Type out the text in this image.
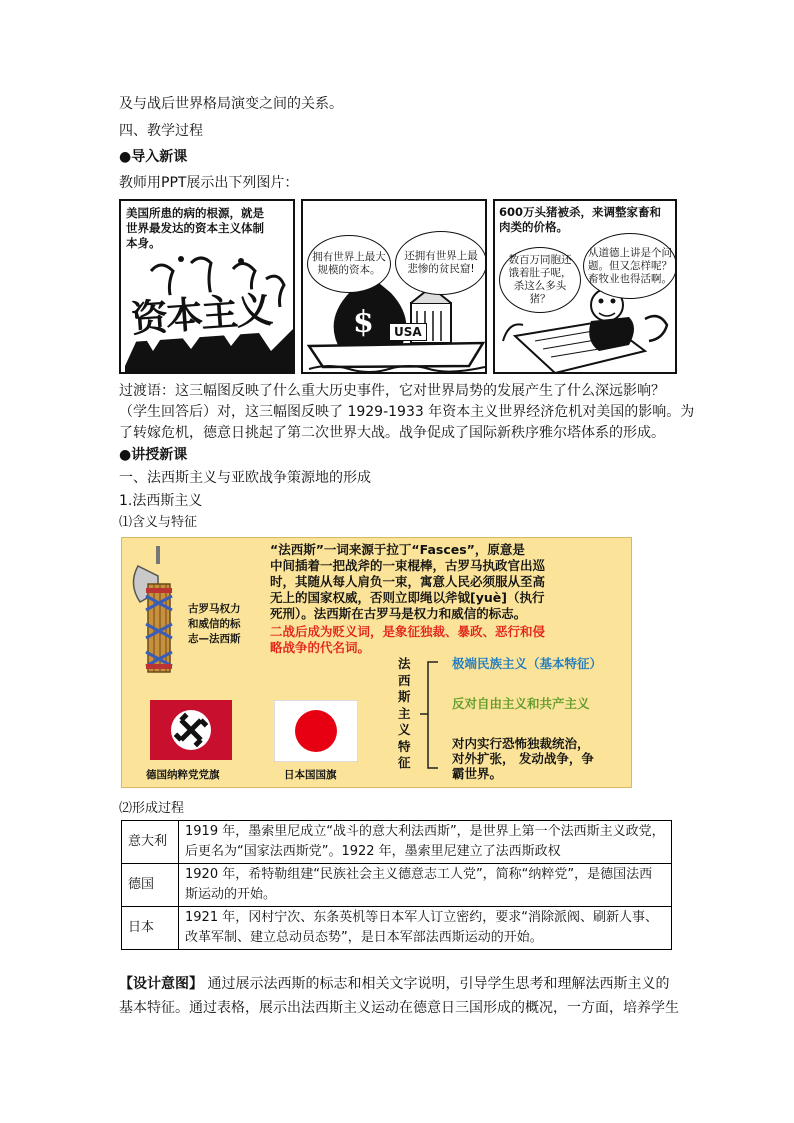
及与战后世界格局演变之间的关系。
四、教学过程
●导入新课
教师用PPT展示出下列图片：
美国所患的病的根源，就是
世界最发达的资本主义体制
本身。
资本主义	$	USA
拥有世界上最大规模的资本。
还拥有世界上最悲惨的贫民窟!
600万头猪被杀，来调整家畜和
肉类的价格。
数百万同胞还饿着肚子呢，杀这么多头猪？
从道德上讲是个问题。但又怎样呢？畜牧业也得活啊。
过渡语：这三幅图反映了什么重大历史事件，它对世界局势的发展产生了什么深远影响？
（学生回答后）对，这三幅图反映了 1929-1933 年资本主义世界经济危机对美国的影响。为
了转嫁危机，德意日挑起了第二次世界大战。战争促成了国际新秩序雅尔塔体系的形成。
●讲授新课
一、法西斯主义与亚欧战争策源地的形成
1.法西斯主义
⑴含义与特征
古罗马权力
和威信的标
志—法西斯
“法西斯”一词来源于拉丁“Fasces”，原意是
中间插着一把战斧的一束棍棒，古罗马执政官出巡
时，其随从每人肩负一束，寓意人民必须服从至高
无上的国家权威，否则立即绳以斧钺[yuè]（执行
死刑）。法西斯在古罗马是权力和威信的标志。
二战后成为贬义词，是象征独裁、暴政、恶行和侵
略战争的代名词。
法
西
斯
主
义
特
征
极端民族主义（基本特征）
反对自由主义和共产主义
对内实行恐怖独裁统治，
对外扩张， 发动战争，争
霸世界。
德国纳粹党党旗	日本国国旗
⑵形成过程
意大利	1919 年，墨索里尼成立“战斗的意大利法西斯”，是世界上第一个法西斯主义政党，后更名为“国家法西斯党”。1922 年，墨索里尼建立了法西斯政权
德国	1920 年，希特勒组建“民族社会主义德意志工人党”，简称“纳粹党”，是德国法西斯运动的开始。
日本	1921 年，冈村宁次、东条英机等日本军人订立密约，要求“消除派阀、刷新人事、改革军制、建立总动员态势”，是日本军部法西斯运动的开始。
【设计意图】 通过展示法西斯的标志和相关文字说明，引导学生思考和理解法西斯主义的
基本特征。通过表格，展示出法西斯主义运动在德意日三国形成的概况，一方面，培养学生
